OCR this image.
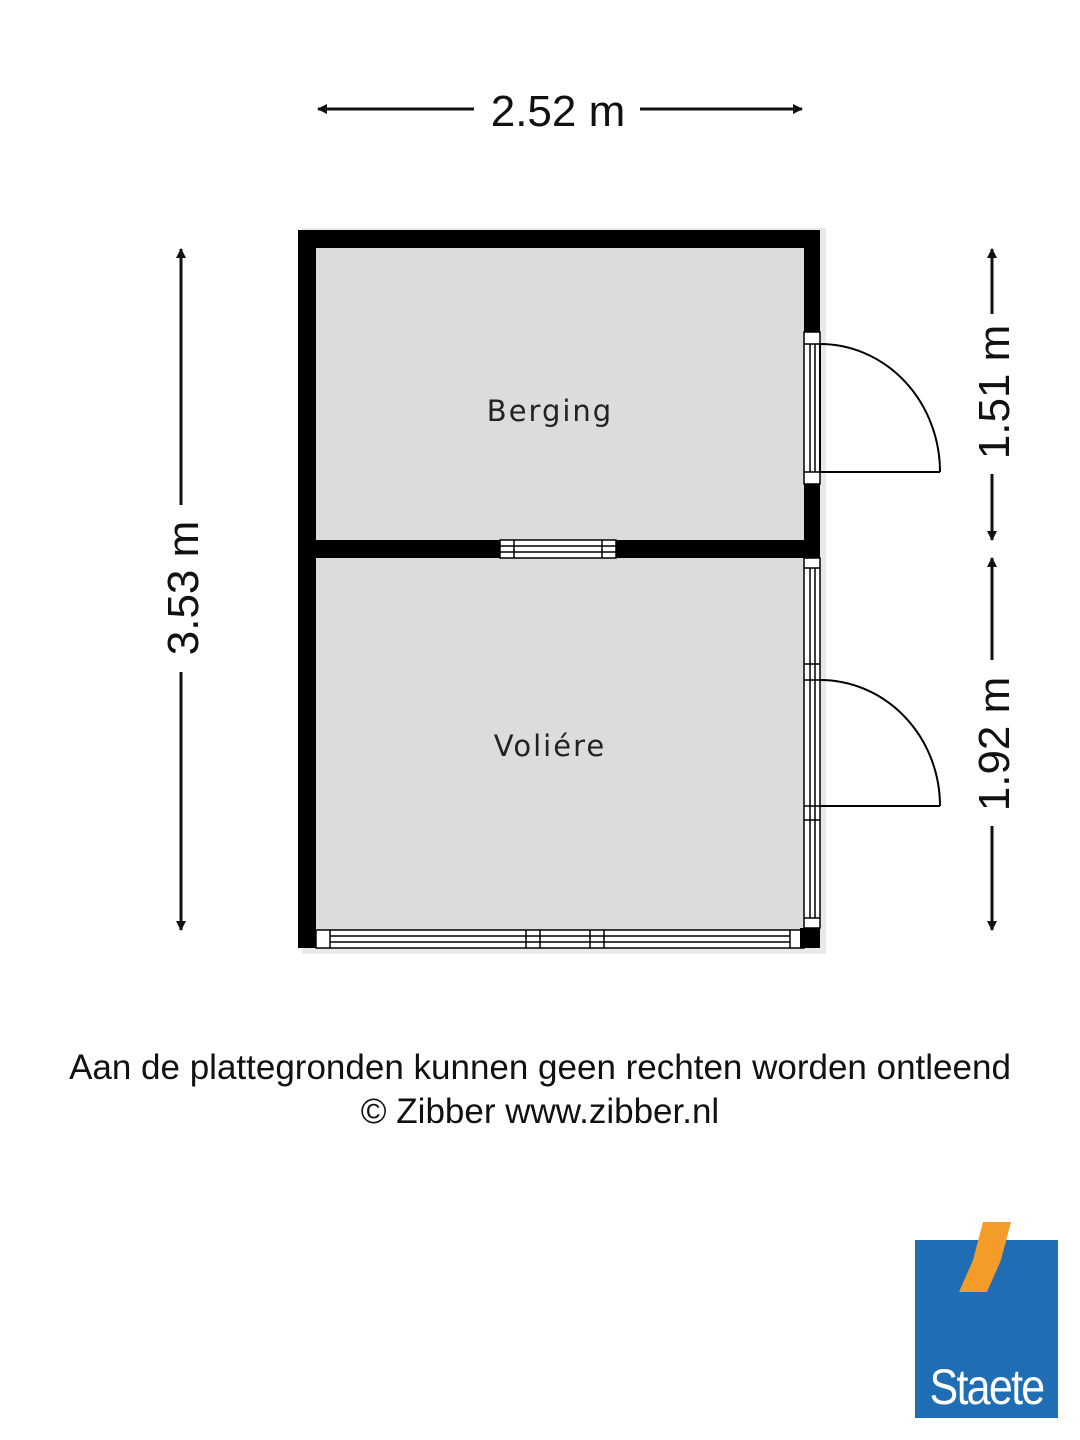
Berging
Voliére
2.52 m
3.53 m
1.51 m
1.92 m
Aan de plattegronden kunnen geen rechten worden ontleend
© Zibber www.zibber.nl
Staete
